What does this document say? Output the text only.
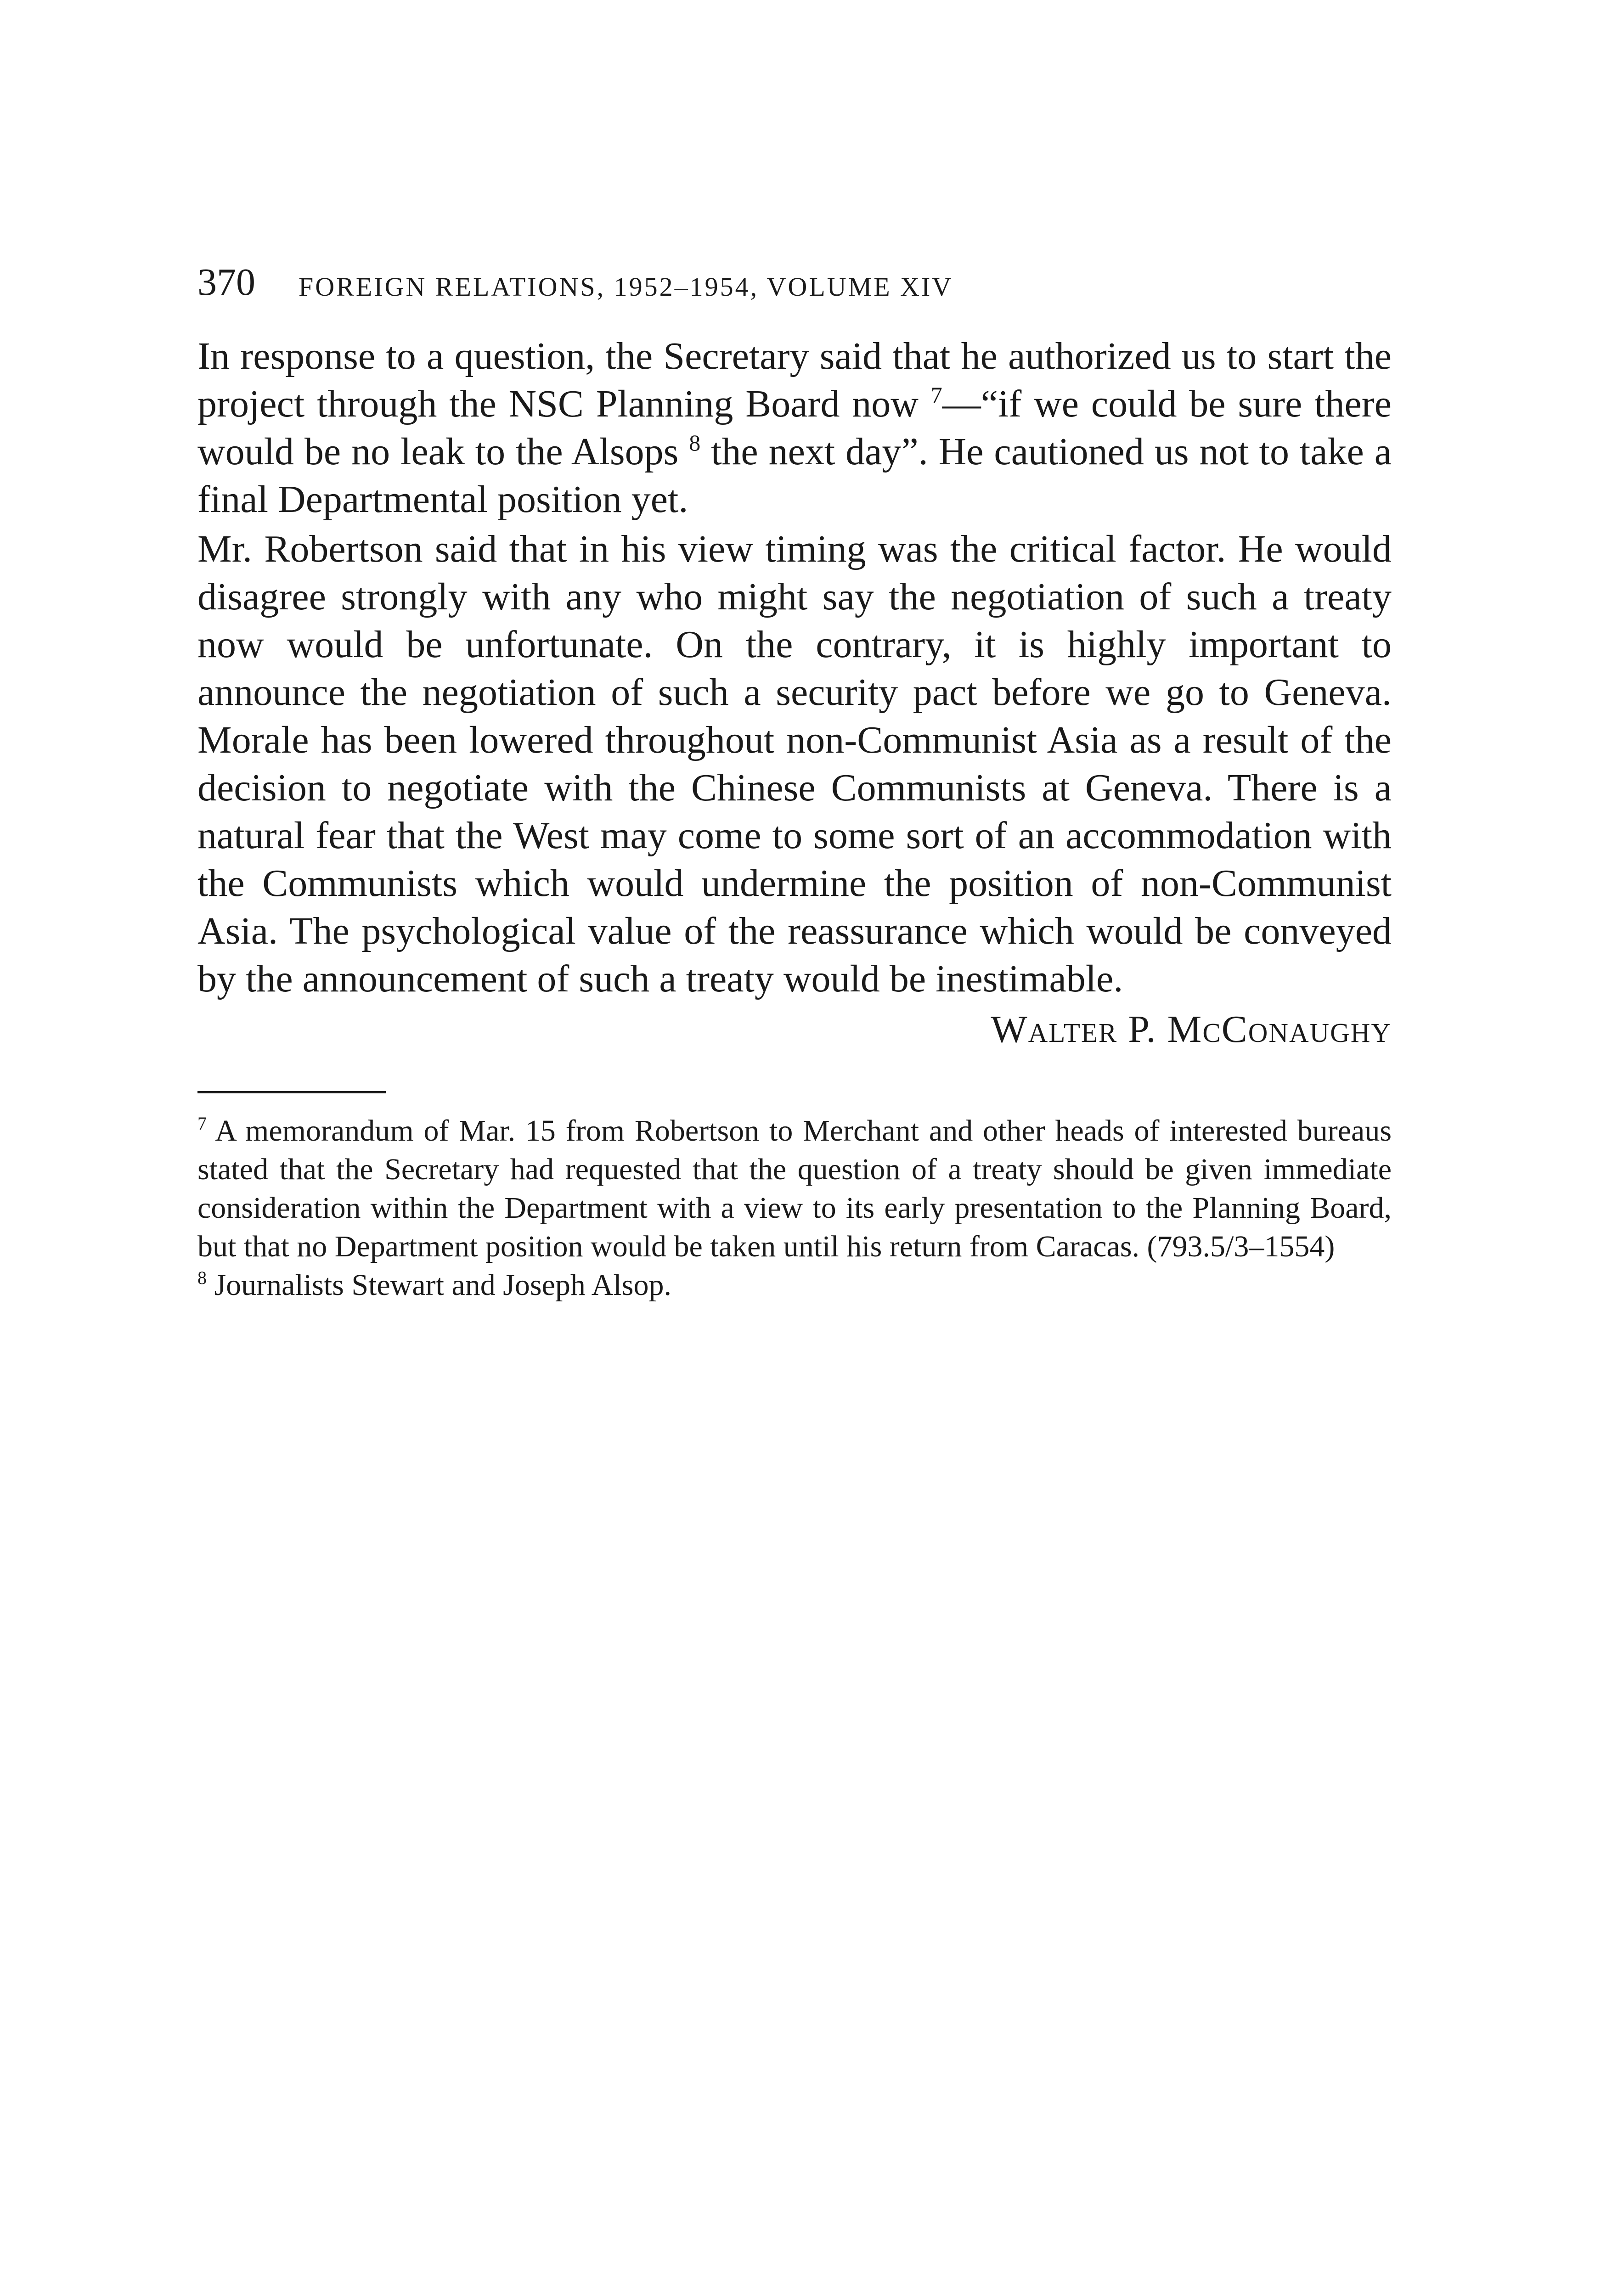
370 FOREIGN RELATIONS, 1952–1954, VOLUME XIV

In response to a question, the Secretary said that he authorized us to start the project through the NSC Planning Board now $^7$—“if we could be sure there would be no leak to the Alsops $^8$ the next day”. He cautioned us not to take a final Departmental position yet.

Mr. Robertson said that in his view timing was the critical factor. He would disagree strongly with any who might say the negotiation of such a treaty now would be unfortunate. On the contrary, it is highly important to announce the negotiation of such a security pact before we go to Geneva. Morale has been lowered throughout non-Communist Asia as a result of the decision to negotiate with the Chinese Communists at Geneva. There is a natural fear that the West may come to some sort of an accommodation with the Communists which would undermine the position of non-Communist Asia. The psychological value of the reassurance which would be conveyed by the announcement of such a treaty would be inestimable.

Walter P. McConaughy

$^7$ A memorandum of Mar. 15 from Robertson to Merchant and other heads of interested bureaus stated that the Secretary had requested that the question of a treaty should be given immediate consideration within the Department with a view to its early presentation to the Planning Board, but that no Department position would be taken until his return from Caracas. (793.5/3–1554)

$^8$ Journalists Stewart and Joseph Alsop.
